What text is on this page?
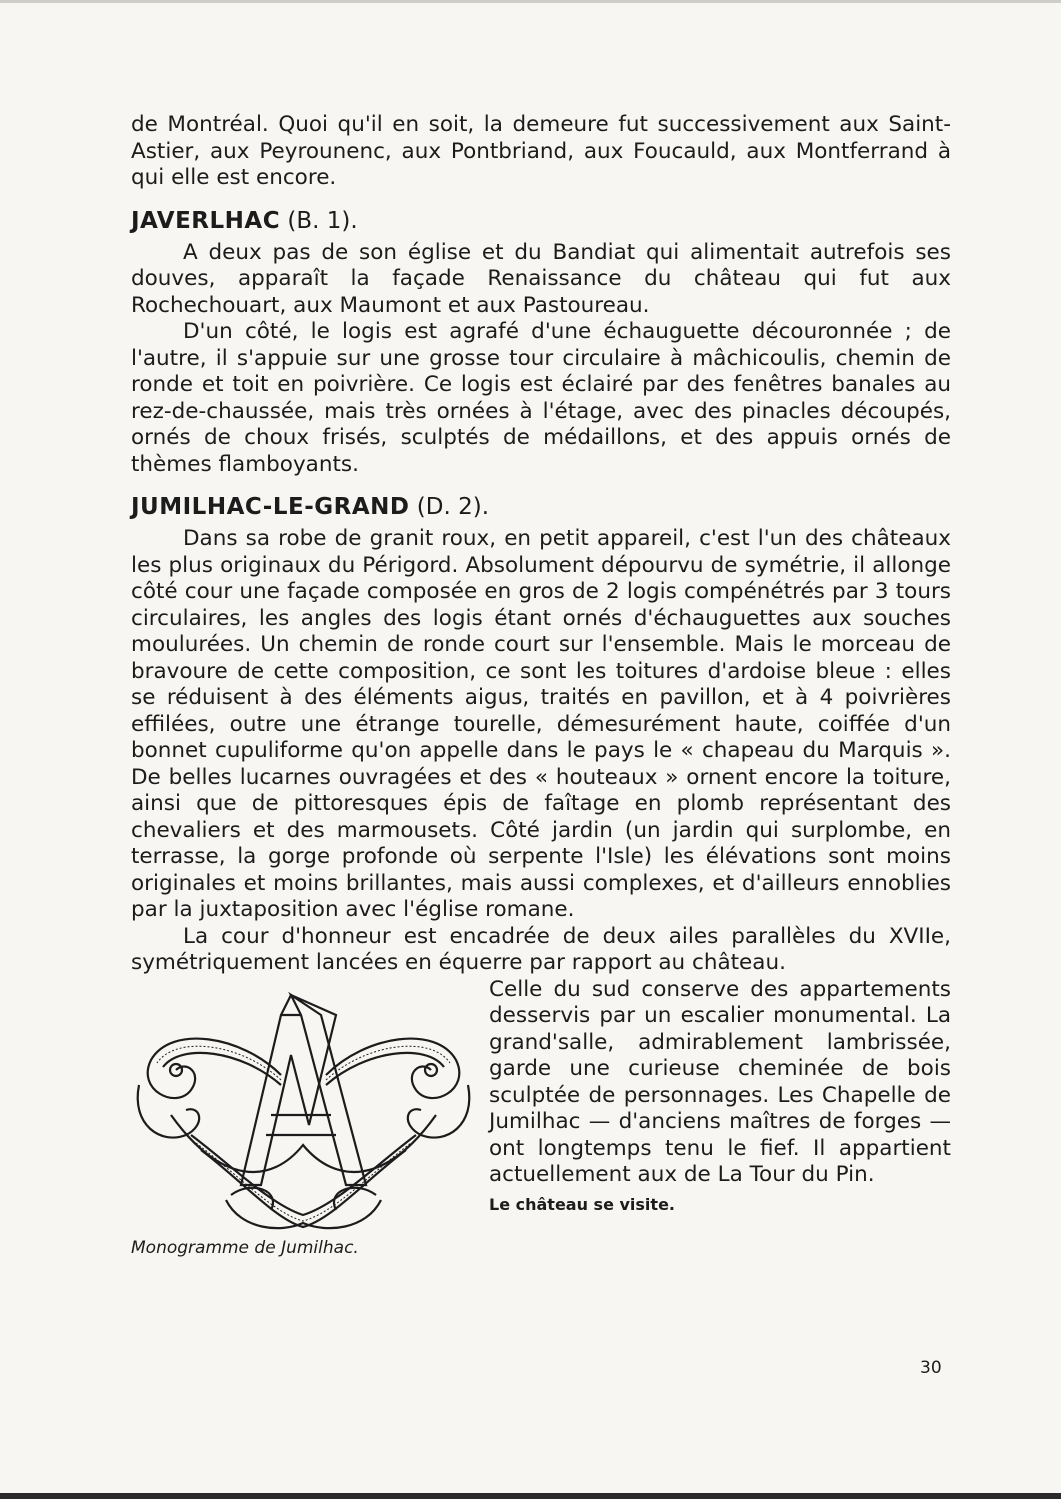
de Montréal. Quoi qu'il en soit, la demeure fut successivement aux Saint-Astier, aux Peyrounenc, aux Pontbriand, aux Foucauld, aux Montferrand à qui elle est encore.

JAVERLHAC (B. 1).

A deux pas de son église et du Bandiat qui alimentait autrefois ses douves, apparaît la façade Renaissance du château qui fut aux Rochechouart, aux Maumont et aux Pastoureau.

D'un côté, le logis est agrafé d'une échauguette découronnée ; de l'autre, il s'appuie sur une grosse tour circulaire à mâchicoulis, chemin de ronde et toit en poivrière. Ce logis est éclairé par des fenêtres banales au rez-de-chaussée, mais très ornées à l'étage, avec des pinacles découpés, ornés de choux frisés, sculptés de médaillons, et des appuis ornés de thèmes flamboyants.

JUMILHAC-LE-GRAND (D. 2).

Dans sa robe de granit roux, en petit appareil, c'est l'un des châteaux les plus originaux du Périgord. Absolument dépourvu de symétrie, il allonge côté cour une façade composée en gros de 2 logis compénétrés par 3 tours circulaires, les angles des logis étant ornés d'échauguettes aux souches moulurées. Un chemin de ronde court sur l'ensemble. Mais le morceau de bravoure de cette composition, ce sont les toitures d'ardoise bleue : elles se réduisent à des éléments aigus, traités en pavillon, et à 4 poivrières effilées, outre une étrange tourelle, démesurément haute, coiffée d'un bonnet cupuliforme qu'on appelle dans le pays le « chapeau du Marquis ». De belles lucarnes ouvragées et des « houteaux » ornent encore la toiture, ainsi que de pittoresques épis de faîtage en plomb représentant des chevaliers et des marmousets. Côté jardin (un jardin qui surplombe, en terrasse, la gorge profonde où serpente l'Isle) les élévations sont moins originales et moins brillantes, mais aussi complexes, et d'ailleurs ennoblies par la juxtaposition avec l'église romane.

La cour d'honneur est encadrée de deux ailes parallèles du XVIIe, symétriquement lancées en équerre par rapport au château.

Monogramme de Jumilhac.

Celle du sud conserve des appartements desservis par un escalier monumental. La grand'salle, admirablement lambrissée, garde une curieuse cheminée de bois sculptée de personnages. Les Chapelle de Jumilhac — d'anciens maîtres de forges — ont longtemps tenu le fief. Il appartient actuellement aux de La Tour du Pin.

Le château se visite.

30
